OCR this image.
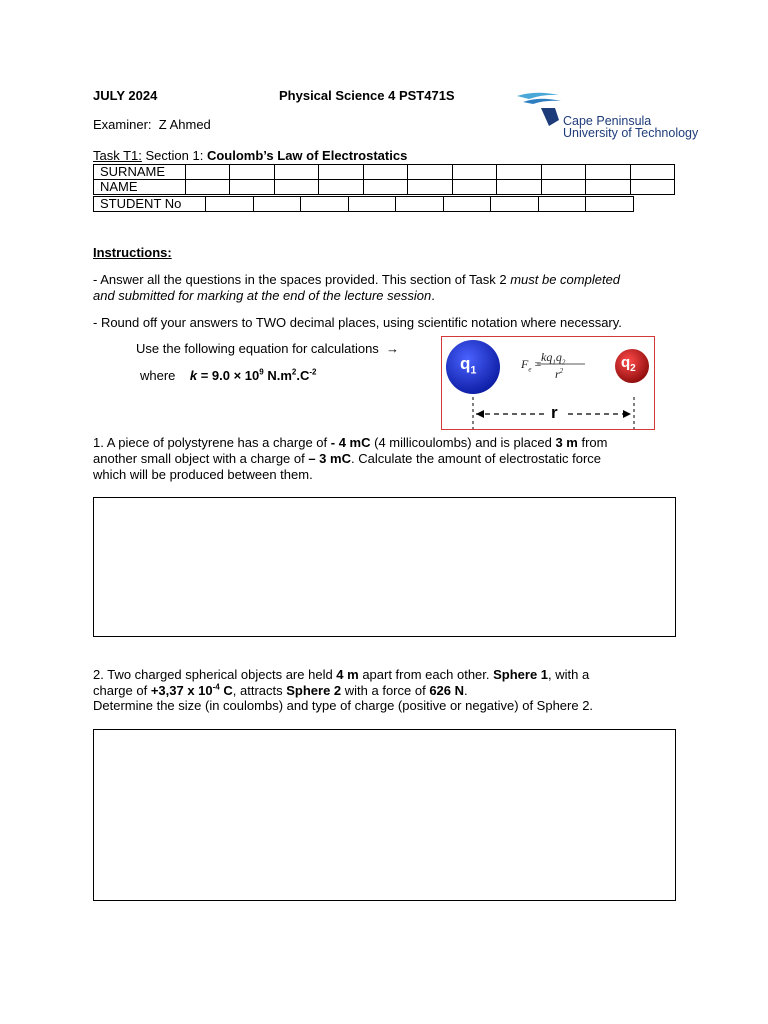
JULY 2024	Physical Science 4 PST471S
Examiner: Z Ahmed	Cape Peninsula
University of Technology
Task T1: Section 1: Coulomb’s Law of Electrostatics
SURNAME											
NAME											
STUDENT No									
Instructions:
- Answer all the questions in the spaces provided. This section of Task 2 must be completed
and submitted for marking at the end of the lecture session.
- Round off your answers to TWO decimal places, using scientific notation where necessary.
Use the following equation for calculations →
where $k = 9.0 \times 10^9$ $N.m^2.C^{-2}$	$q_1$	$q_2$
$F_e = kq_1q_2$
$r^2$
r
1. A piece of polystyrene has a charge of - 4 mC (4 millicoulombs) and is placed 3 m from
another small object with a charge of – 3 mC. Calculate the amount of electrostatic force
which will be produced between them.
2. Two charged spherical objects are held 4 m apart from each other. Sphere 1, with a
charge of +3,37 x $10^{-4}$ C, attracts Sphere 2 with a force of 626 N.
Determine the size (in coulombs) and type of charge (positive or negative) of Sphere 2.
